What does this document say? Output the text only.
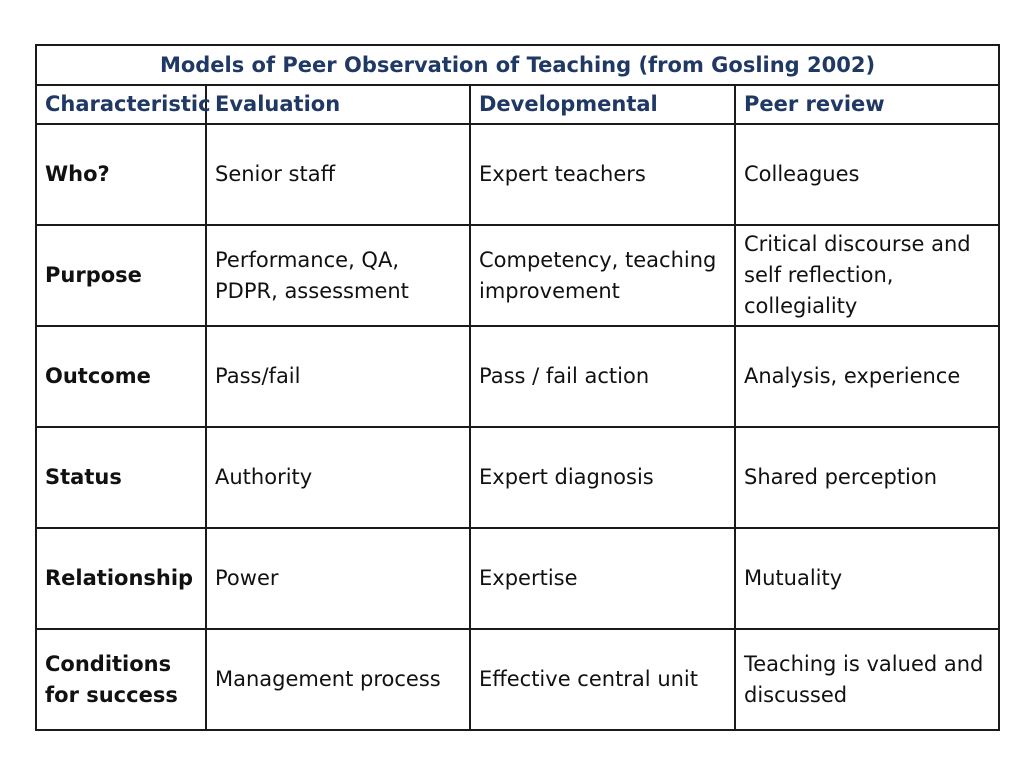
Models of Peer Observation of Teaching (from Gosling 2002)			
Characteristic	Evaluation	Developmental	Peer review
Who?	Senior staff	Expert teachers	Colleagues
Purpose	Performance, QA, PDPR, assessment	Competency, teaching improvement	Critical discourse and self reflection, collegiality
Outcome	Pass/fail	Pass / fail action	Analysis, experience
Status	Authority	Expert diagnosis	Shared perception
Relationship	Power	Expertise	Mutuality
Conditions for success	Management process	Effective central unit	Teaching is valued and discussed
